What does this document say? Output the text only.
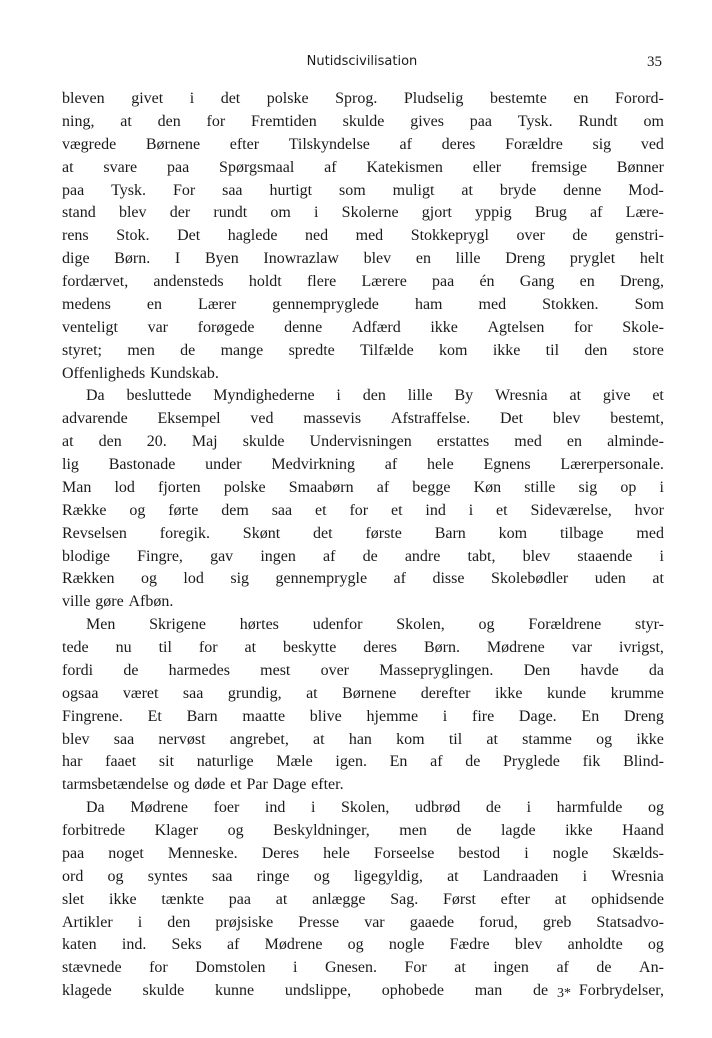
Nutidscivilisation	35
bleven givet i det polske Sprog. Pludselig bestemte en Forord-
ning, at den for Fremtiden skulde gives paa Tysk. Rundt om
vægrede Børnene efter Tilskyndelse af deres Forældre sig ved
at svare paa Spørgsmaal af Katekismen eller fremsige Bønner
paa Tysk. For saa hurtigt som muligt at bryde denne Mod-
stand blev der rundt om i Skolerne gjort yppig Brug af Lære-
rens Stok. Det haglede ned med Stokkeprygl over de genstri-
dige Børn. I Byen Inowrazlaw blev en lille Dreng pryglet helt
fordærvet, andensteds holdt flere Lærere paa én Gang en Dreng,
medens en Lærer gennempryglede ham med Stokken. Som
venteligt var forøgede denne Adfærd ikke Agtelsen for Skole-
styret; men de mange spredte Tilfælde kom ikke til den store
Offenligheds Kundskab.
Da besluttede Myndighederne i den lille By Wresnia at give et
advarende Eksempel ved massevis Afstraffelse. Det blev bestemt,
at den 20. Maj skulde Undervisningen erstattes med en alminde-
lig Bastonade under Medvirkning af hele Egnens Lærerpersonale.
Man lod fjorten polske Smaabørn af begge Køn stille sig op i
Række og førte dem saa et for et ind i et Sideværelse, hvor
Revselsen foregik. Skønt det første Barn kom tilbage med
blodige Fingre, gav ingen af de andre tabt, blev staaende i
Rækken og lod sig gennemprygle af disse Skolebødler uden at
ville gøre Afbøn.
Men Skrigene hørtes udenfor Skolen, og Forældrene styr-
tede nu til for at beskytte deres Børn. Mødrene var ivrigst,
fordi de harmedes mest over Massepryglingen. Den havde da
ogsaa været saa grundig, at Børnene derefter ikke kunde krumme
Fingrene. Et Barn maatte blive hjemme i fire Dage. En Dreng
blev saa nervøst angrebet, at han kom til at stamme og ikke
har faaet sit naturlige Mæle igen. En af de Pryglede fik Blind-
tarmsbetændelse og døde et Par Dage efter.
Da Mødrene foer ind i Skolen, udbrød de i harmfulde og
forbitrede Klager og Beskyldninger, men de lagde ikke Haand
paa noget Menneske. Deres hele Forseelse bestod i nogle Skælds-
ord og syntes saa ringe og ligegyldig, at Landraaden i Wresnia
slet ikke tænkte paa at anlægge Sag. Først efter at ophidsende
Artikler i den prøjsiske Presse var gaaede forud, greb Statsadvo-
katen ind. Seks af Mødrene og nogle Fædre blev anholdte og
stævnede for Domstolen i Gnesen. For at ingen af de An-
klagede skulde kunne undslippe, ophobede man de Forbrydelser,
3*
